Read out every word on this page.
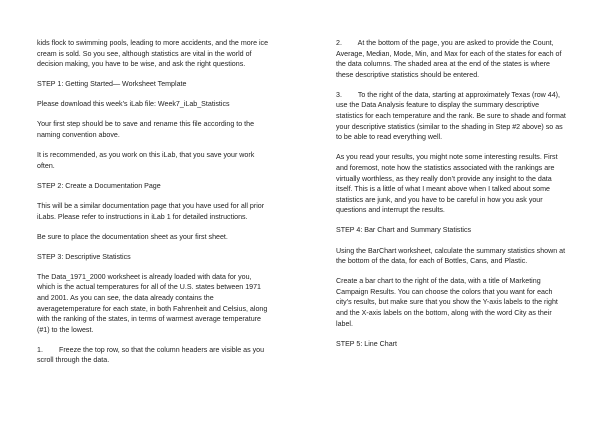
kids flock to swimming pools, leading to more accidents, and the more ice cream is sold. So you see, although statistics are vital in the world of decision making, you have to be wise, and ask the right questions.

STEP 1: Getting Started— Worksheet Template

Please download this week’s iLab file: Week7_iLab_Statistics

Your first step should be to save and rename this file according to the naming convention above.

It is recommended, as you work on this iLab, that you save your work often.

STEP 2: Create a Documentation Page

This will be a similar documentation page that you have used for all prior iLabs. Please refer to instructions in iLab 1 for detailed instructions.

Be sure to place the documentation sheet as your first sheet.

STEP 3: Descriptive Statistics

The Data_1971_2000 worksheet is already loaded with data for you, which is the actual temperatures for all of the U.S. states between 1971 and 2001. As you can see, the data already contains the averagetemperature for each state, in both Fahrenheit and Celsius, along with the ranking of the states, in terms of warmest average temperature (#1) to the lowest.

1. Freeze the top row, so that the column headers are visible as you scroll through the data.

2. At the bottom of the page, you are asked to provide the Count, Average, Median, Mode, Min, and Max for each of the states for each of the data columns. The shaded area at the end of the states is where these descriptive statistics should be entered.

3. To the right of the data, starting at approximately Texas (row 44), use the Data Analysis feature to display the summary descriptive statistics for each temperature and the rank. Be sure to shade and format your descriptive statistics (similar to the shading in Step #2 above) so as to be able to read everything well.

As you read your results, you might note some interesting results. First and foremost, note how the statistics associated with the rankings are virtually worthless, as they really don’t provide any insight to the data itself. This is a little of what I meant above when I talked about some statistics are junk, and you have to be careful in how you ask your questions and interrupt the results.

STEP 4: Bar Chart and Summary Statistics

Using the BarChart worksheet, calculate the summary statistics shown at the bottom of the data, for each of Bottles, Cans, and Plastic.

Create a bar chart to the right of the data, with a title of Marketing Campaign Results. You can choose the colors that you want for each city’s results, but make sure that you show the Y-axis labels to the right and the X-axis labels on the bottom, along with the word City as their label.

STEP 5: Line Chart
